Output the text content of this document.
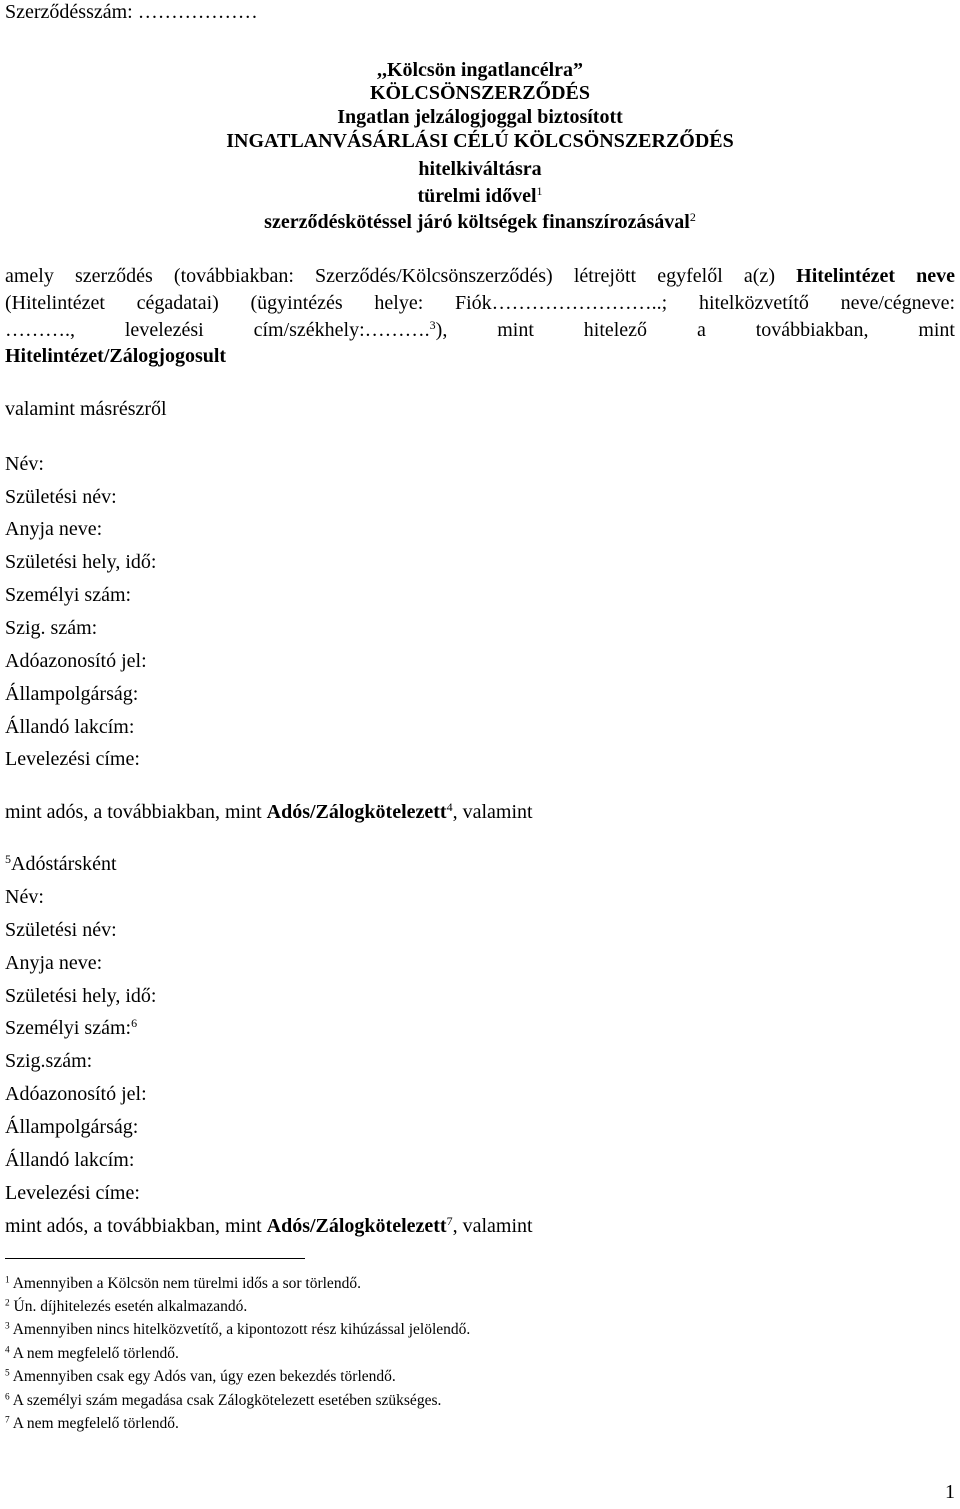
Szerződésszám: ………………
,,Kölcsön ingatlancélra”
KÖLCSÖNSZERZŐDÉS
Ingatlan jelzálogjoggal biztosított
INGATLANVÁSÁRLÁSI CÉLÚ KÖLCSÖNSZERZŐDÉS
hitelkiváltásra
türelmi idővel$^1$
szerződéskötéssel járó költségek finanszírozásával$^2$
amely szerződés (továbbiakban: Szerződés/Kölcsönszerződés) létrejött egyfelől a(z) Hitelintézet neve
(Hitelintézet cégadatai) (ügyintézés helye: Fiók……………………..; hitelközvetítő neve/cégneve:
………., levelezési cím/székhely:……….$^3$), mint hitelező a továbbiakban, mint
Hitelintézet/Zálogjogosult
valamint másrészről
Név:
Születési név:
Anyja neve:
Születési hely, idő:
Személyi szám:
Szig. szám:
Adóazonosító jel:
Állampolgárság:
Állandó lakcím:
Levelezési címe:
mint adós, a továbbiakban, mint Adós/Zálogkötelezett$^4$, valamint
$^5$Adóstársként
Név:
Születési név:
Anyja neve:
Születési hely, idő:
Személyi szám:$^6$
Szig.szám:
Adóazonosító jel:
Állampolgárság:
Állandó lakcím:
Levelezési címe:
mint adós, a továbbiakban, mint Adós/Zálogkötelezett$^7$, valamint
$^1$ Amennyiben a Kölcsön nem türelmi idős a sor törlendő.
$^2$ Ún. díjhitelezés esetén alkalmazandó.
$^3$ Amennyiben nincs hitelközvetítő, a kipontozott rész kihúzással jelölendő.
$^4$ A nem megfelelő törlendő.
$^5$ Amennyiben csak egy Adós van, úgy ezen bekezdés törlendő.
$^6$ A személyi szám megadása csak Zálogkötelezett esetében szükséges.
$^7$ A nem megfelelő törlendő.
1
